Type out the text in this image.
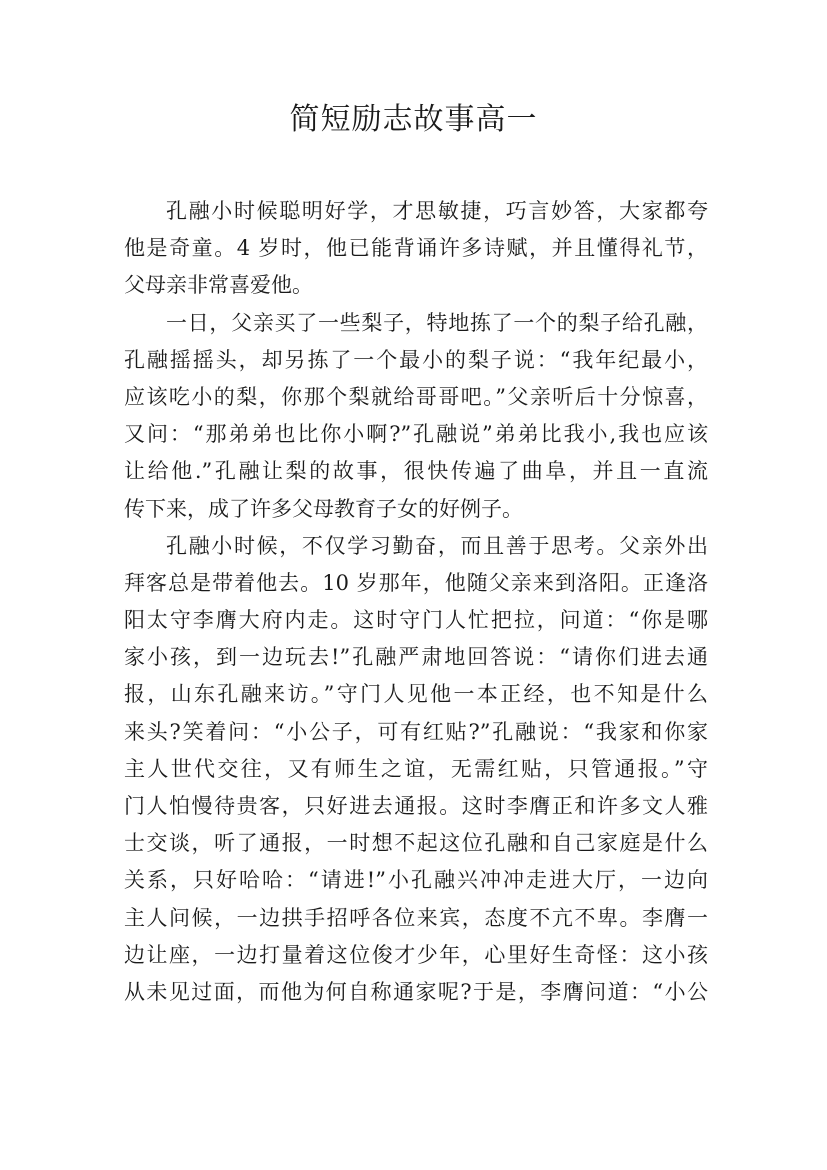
简短励志故事高一
孔融小时候聪明好学，才思敏捷，巧言妙答，大家都夸
他是奇童。4 岁时，他已能背诵许多诗赋，并且懂得礼节，
父母亲非常喜爱他。
一日，父亲买了一些梨子，特地拣了一个的梨子给孔融，
孔融摇摇头，却另拣了一个最小的梨子说：“我年纪最小，
应该吃小的梨，你那个梨就给哥哥吧。”父亲听后十分惊喜，
又问：“那弟弟也比你小啊?”孔融说”弟弟比我小,我也应该
让给他.”孔融让梨的故事，很快传遍了曲阜，并且一直流
传下来，成了许多父母教育子女的好例子。
孔融小时候，不仅学习勤奋，而且善于思考。父亲外出
拜客总是带着他去。10 岁那年，他随父亲来到洛阳。正逢洛
阳太守李膺大府内走。这时守门人忙把拉，问道：“你是哪
家小孩，到一边玩去!”孔融严肃地回答说：“请你们进去通
报，山东孔融来访。”守门人见他一本正经，也不知是什么
来头?笑着问：“小公子，可有红贴?”孔融说：“我家和你家
主人世代交往，又有师生之谊，无需红贴，只管通报。”守
门人怕慢待贵客，只好进去通报。这时李膺正和许多文人雅
士交谈，听了通报，一时想不起这位孔融和自己家庭是什么
关系，只好哈哈：“请进!”小孔融兴冲冲走进大厅，一边向
主人问候，一边拱手招呼各位来宾，态度不亢不卑。李膺一
边让座，一边打量着这位俊才少年，心里好生奇怪：这小孩
从未见过面，而他为何自称通家呢?于是，李膺问道：“小公
